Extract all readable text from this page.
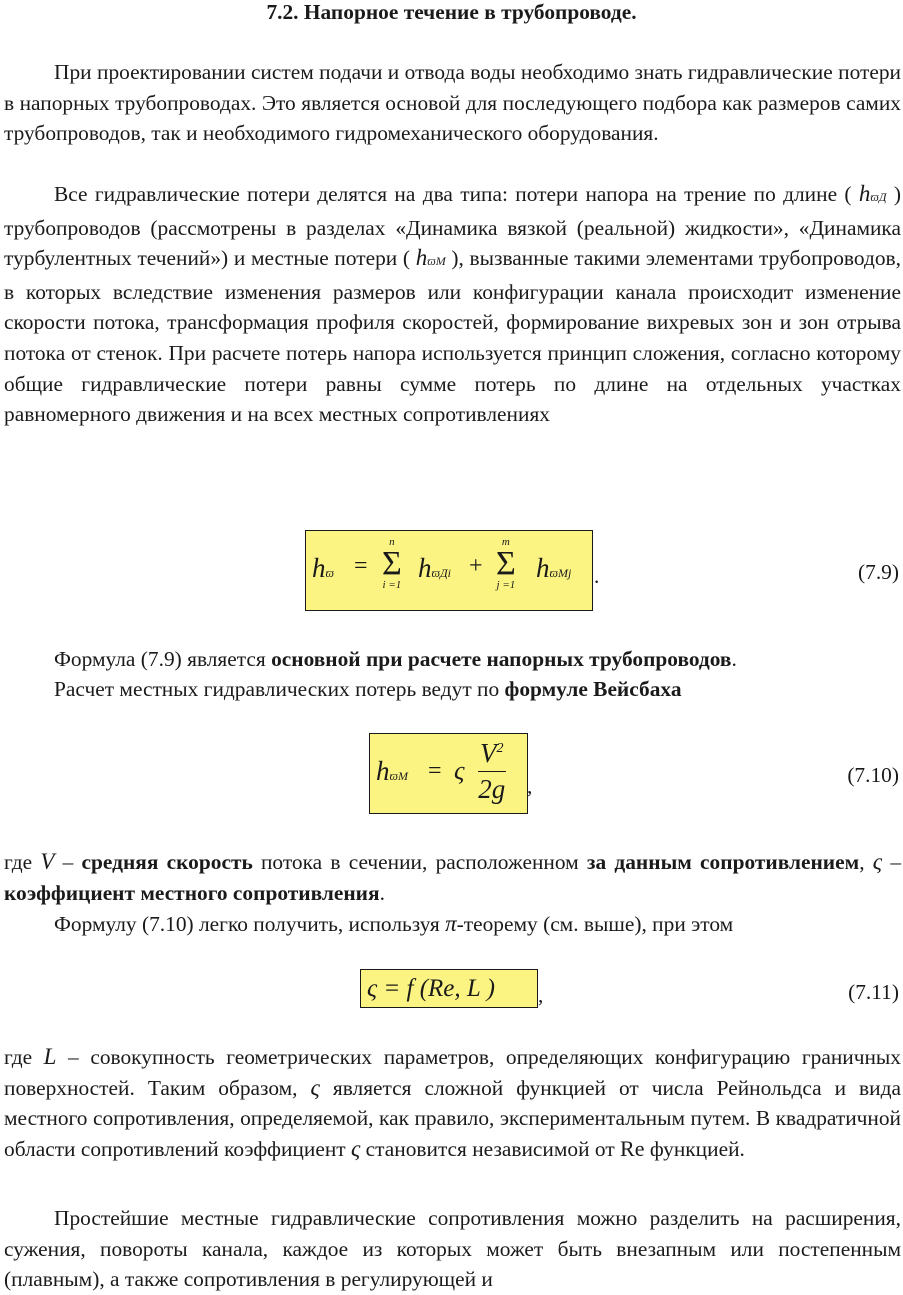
7.2. Напорное течение в трубопроводе.

При проектировании систем подачи и отвода воды необходимо знать гидравлические потери в напорных трубопроводах. Это является основой для последующего подбора как размеров самих трубопроводов, так и необходимого гидромеханического оборудования.

Все гидравлические потери делятся на два типа: потери напора на трение по длине ( hϖД ) трубопроводов (рассмотрены в разделах «Динамика вязкой (реальной) жидкости», «Динамика турбулентных течений») и местные потери ( hϖМ ), вызванные такими элементами трубопроводов, в которых вследствие изменения размеров или конфигурации канала происходит изменение скорости потока, трансформация профиля скоростей, формирование вихревых зон и зон отрыва потока от стенок. При расчете потерь напора используется принцип сложения, согласно которому общие гидравлические потери равны сумме потерь по длине на отдельных участках равномерного движения и на всех местных сопротивлениях

hϖ =
n
Σ
i =1
hϖДi +
m
Σ
j =1
hϖМj .	(7.9)

Формула (7.9) является основной при расчете напорных трубопроводов.

Расчет местных гидравлических потерь ведут по формуле Вейсбаха

hϖМ = ς $\frac{V^2}{2g}$ ,	(7.10)

где V – средняя скорость потока в сечении, расположенном за данным сопротивлением, ς – коэффициент местного сопротивления.

Формулу (7.10) легко получить, используя π-теорему (см. выше), при этом

ς = f (Re, L )	,	(7.11)

где L – совокупность геометрических параметров, определяющих конфигурацию граничных поверхностей. Таким образом, ς является сложной функцией от числа Рейнольдса и вида местного сопротивления, определяемой, как правило, экспериментальным путем. В квадратичной области сопротивлений коэффициент ς становится независимой от Re функцией.

Простейшие местные гидравлические сопротивления можно разделить на расширения, сужения, повороты канала, каждое из которых может быть внезапным или постепенным (плавным), а также сопротивления в регулирующей и
